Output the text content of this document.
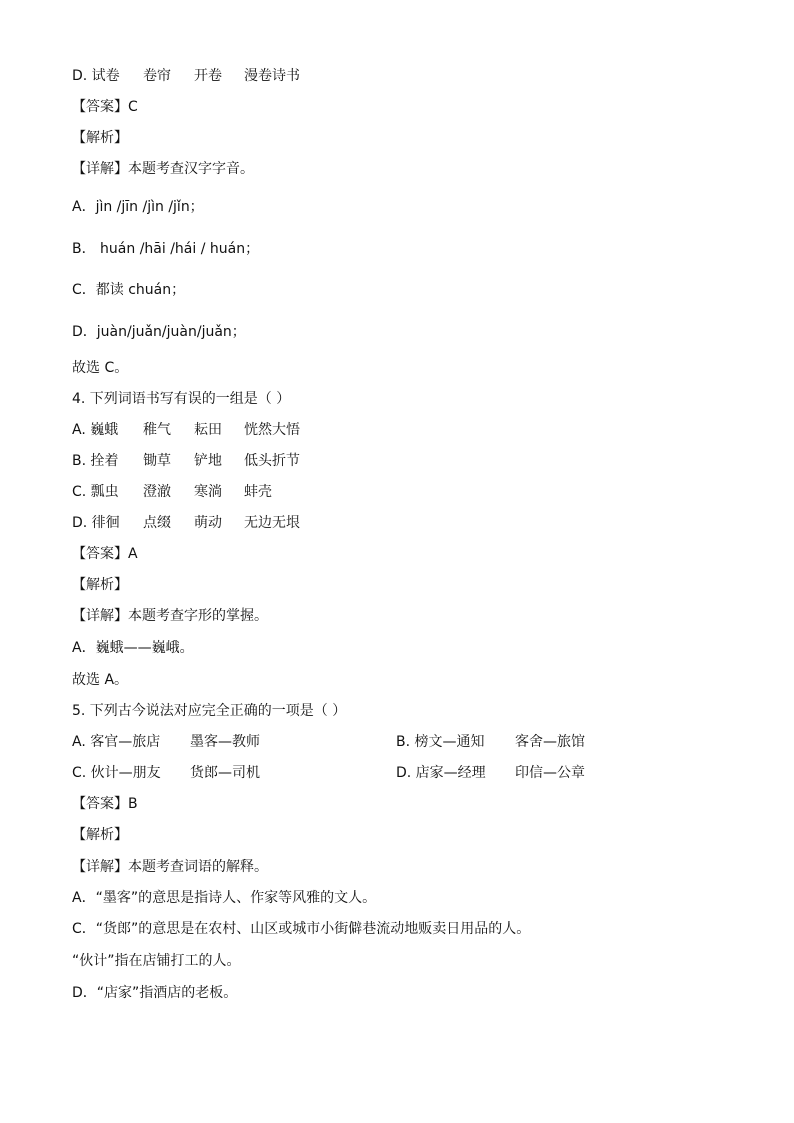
D. 试卷 卷帘 开卷 漫卷诗书
【答案】C
【解析】
【详解】本题考查汉字字音。
A．jìn /jīn /jìn /jǐn；
B． huán /hāi /hái / huán；
C．都读 chuán；
D．juàn/juǎn/juàn/juǎn；
故选 C。
4. 下列词语书写有误的一组是（ ）
A. 巍蛾 稚气 耘田 恍然大悟
B. 拴着 锄草 铲地 低头折节
C. 瓢虫 澄澈 寒淌 蚌壳
D. 徘徊 点缀 萌动 无边无垠
【答案】A
【解析】
【详解】本题考查字形的掌握。
A．巍蛾——巍峨。
故选 A。
5. 下列古今说法对应完全正确的一项是（ ）
A. 客官—旅店 墨客—教师	B. 榜文—通知 客舍—旅馆
C. 伙计—朋友 货郎—司机	D. 店家—经理 印信—公章
【答案】B
【解析】
【详解】本题考查词语的解释。
A．“墨客”的意思是指诗人、作家等风雅的文人。
C．“货郎”的意思是在农村、山区或城市小街僻巷流动地贩卖日用品的人。
“伙计”指在店铺打工的人。
D．“店家”指酒店的老板。
